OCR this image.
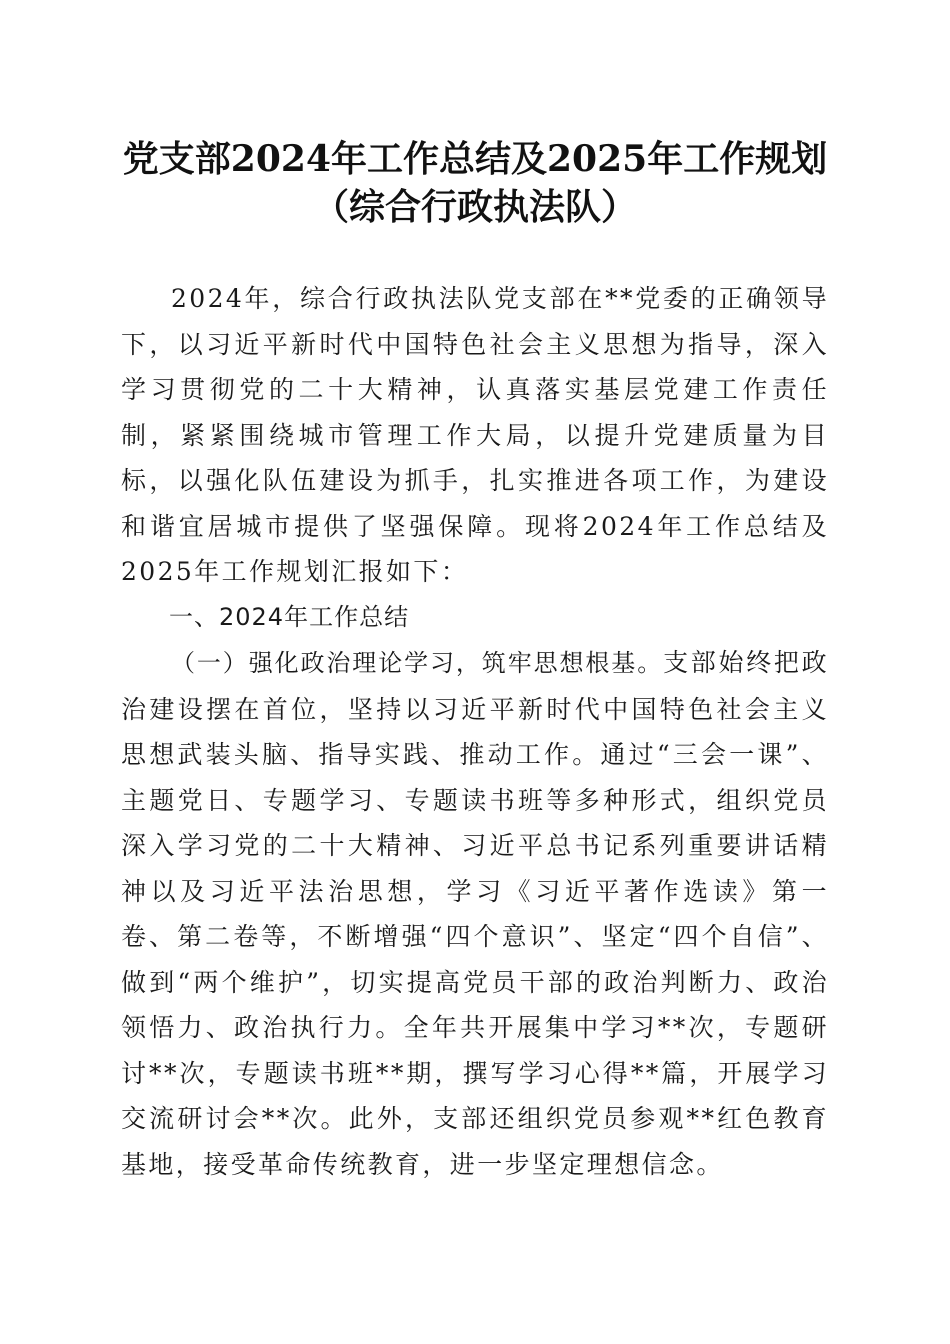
党支部2024年工作总结及2025年工作规划
（综合行政执法队）

2024年，综合行政执法队党支部在**党委的正确领导下，以习近平新时代中国特色社会主义思想为指导，深入学习贯彻党的二十大精神，认真落实基层党建工作责任制，紧紧围绕城市管理工作大局，以提升党建质量为目标，以强化队伍建设为抓手，扎实推进各项工作，为建设和谐宜居城市提供了坚强保障。现将2024年工作总结及2025年工作规划汇报如下：

一、2024年工作总结

（一）强化政治理论学习，筑牢思想根基。支部始终把政治建设摆在首位，坚持以习近平新时代中国特色社会主义思想武装头脑、指导实践、推动工作。通过“三会一课”、主题党日、专题学习、专题读书班等多种形式，组织党员深入学习党的二十大精神、习近平总书记系列重要讲话精神以及习近平法治思想，学习《习近平著作选读》第一卷、第二卷等，不断增强“四个意识”、坚定“四个自信”、做到“两个维护”，切实提高党员干部的政治判断力、政治领悟力、政治执行力。全年共开展集中学习**次，专题研讨**次，专题读书班**期，撰写学习心得**篇，开展学习交流研讨会**次。此外，支部还组织党员参观**红色教育基地，接受革命传统教育，进一步坚定理想信念。
